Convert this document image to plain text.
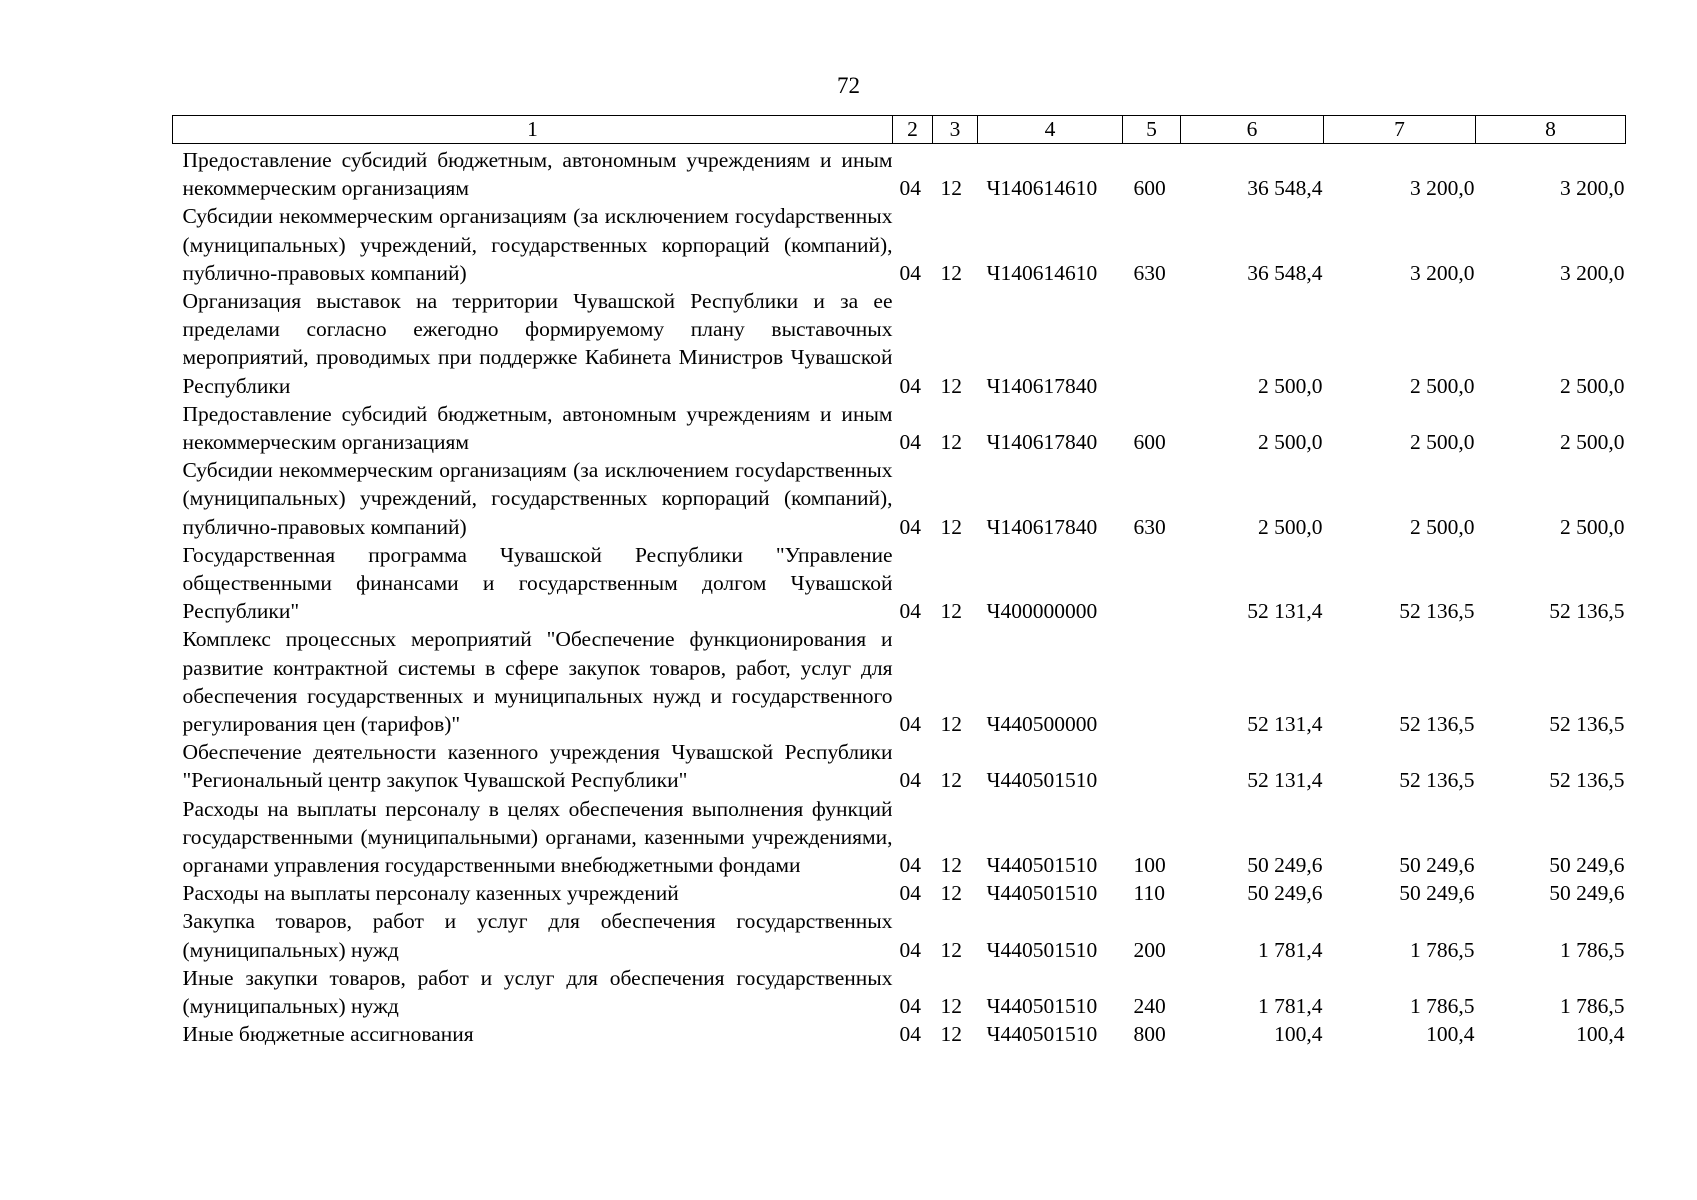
72
1	2	3	4	5	6	7	8
Предоставление субсидий бюджетным, автономным учреждениям и иным некоммерческим организациям	04	12	Ч140614610	600	36 548,4	3 200,0	3 200,0
Субсидии некоммерческим организациям (за исключением госуdарственных (муниципальных) учреждений, государственных корпораций (компаний), публично-правовых компаний)	04	12	Ч140614610	630	36 548,4	3 200,0	3 200,0
Организация выставок на территории Чувашской Республики и за ее пределами согласно ежегодно формируемому плану выставочных мероприятий, проводимых при поддержке Кабинета Министров Чувашской Республики	04	12	Ч140617840		2 500,0	2 500,0	2 500,0
Предоставление субсидий бюджетным, автономным учреждениям и иным некоммерческим организациям	04	12	Ч140617840	600	2 500,0	2 500,0	2 500,0
Субсидии некоммерческим организациям (за исключением госуdарственных (муниципальных) учреждений, государственных корпораций (компаний), публично-правовых компаний)	04	12	Ч140617840	630	2 500,0	2 500,0	2 500,0
Государственная программа Чувашской Республики "Управление общественными финансами и государственным долгом Чувашской Республики"	04	12	Ч400000000		52 131,4	52 136,5	52 136,5
Комплекс процессных мероприятий "Обеспечение функционирования и развитие контрактной системы в сфере закупок товаров, работ, услуг для обеспечения государственных и муниципальных нужд и государственного регулирования цен (тарифов)"	04	12	Ч440500000		52 131,4	52 136,5	52 136,5
Обеспечение деятельности казенного учреждения Чувашской Республики "Региональный центр закупок Чувашской Республики"	04	12	Ч440501510		52 131,4	52 136,5	52 136,5
Расходы на выплаты персоналу в целях обеспечения выполнения функций государственными (муниципальными) органами, казенными учреждениями, органами управления государственными внебюджетными фондами	04	12	Ч440501510	100	50 249,6	50 249,6	50 249,6
Расходы на выплаты персоналу казенных учреждений	04	12	Ч440501510	110	50 249,6	50 249,6	50 249,6
Закупка товаров, работ и услуг для обеспечения государственных (муниципальных) нужд	04	12	Ч440501510	200	1 781,4	1 786,5	1 786,5
Иные закупки товаров, работ и услуг для обеспечения государственных (муниципальных) нужд	04	12	Ч440501510	240	1 781,4	1 786,5	1 786,5
Иные бюджетные ассигнования	04	12	Ч440501510	800	100,4	100,4	100,4
